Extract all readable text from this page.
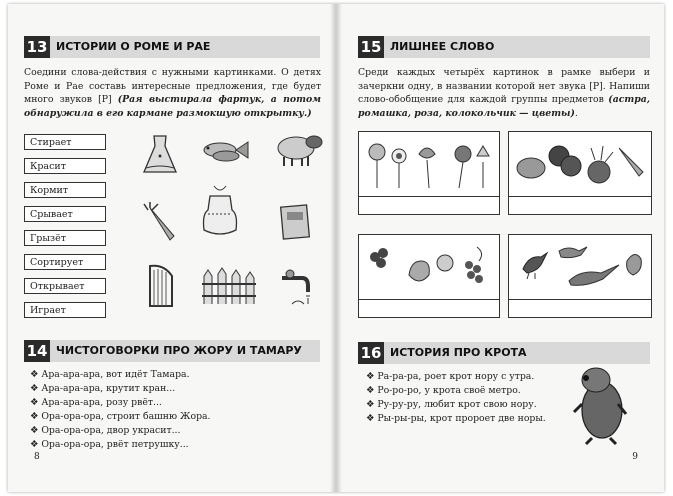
13 ИСТОРИИ О РОМЕ И РАЕ
Соедини слова-действия с нужными картинками. О детях Роме и Рае составь интересные предложения, где будет много звуков [Р] (Рая выстирала фартук, а потом обнаружила в его кармане размокшую открытку.)
Стирает
Красит
Кормит
Срывает
Грызёт
Сортирует
Открывает
Играет
14 ЧИСТОГОВОРКИ ПРО ЖОРУ И ТАМАРУ
❖ Ара-ара-ара, вот идёт Тамара.
❖ Ара-ара-ара, крутит кран...
❖ Ара-ара-ара, розу рвёт...
❖ Ора-ора-ора, строит башню Жора.
❖ Ора-ора-ора, двор украсит...
❖ Ора-ора-ора, рвёт петрушку...
8
15 ЛИШНЕЕ СЛОВО
Среди каждых четырёх картинок в рамке выбери и зачеркни одну, в названии которой нет звука [Р]. Напиши слово-обобщение для каждой группы предметов (астра, ромашка, роза, колокольчик — цветы).
16 ИСТОРИЯ ПРО КРОТА
❖ Ра-ра-ра, роет крот нору с утра.
❖ Ро-ро-ро, у крота своё метро.
❖ Ру-ру-ру, любит крот свою нору.
❖ Ры-ры-ры, крот пророет две норы.
9
